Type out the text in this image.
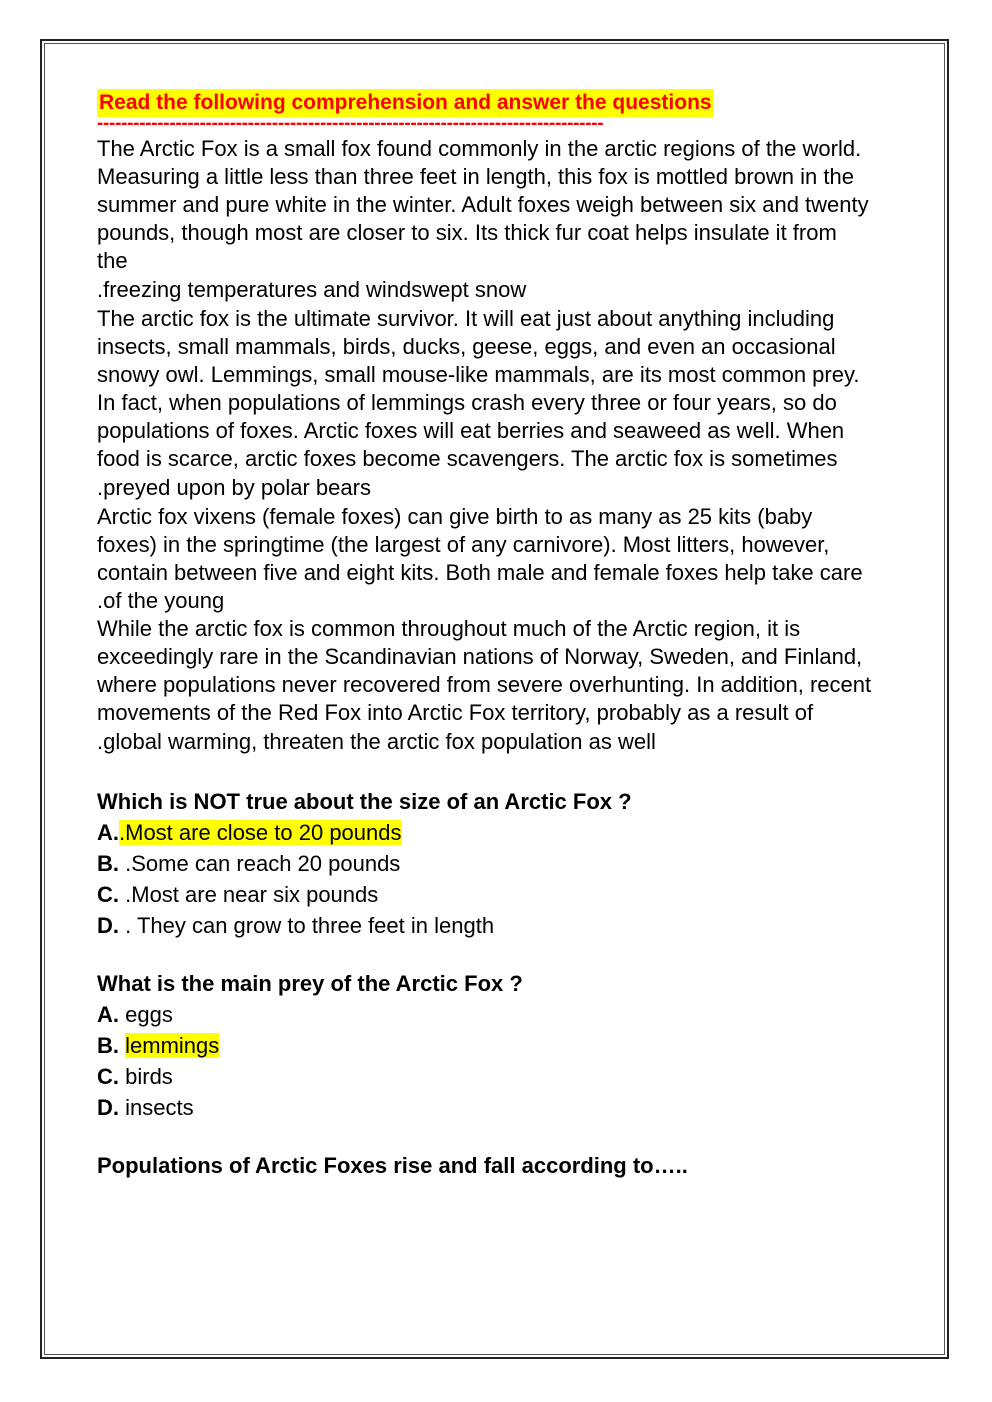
Read the following comprehension and answer the questions
------------------------------------------------------------------------------------

The Arctic Fox is a small fox found commonly in the arctic regions of the world.
Measuring a little less than three feet in length, this fox is mottled brown in the
summer and pure white in the winter. Adult foxes weigh between six and twenty
pounds, though most are closer to six. Its thick fur coat helps insulate it from
the

.freezing temperatures and windswept snow

The arctic fox is the ultimate survivor. It will eat just about anything including
insects, small mammals, birds, ducks, geese, eggs, and even an occasional
snowy owl. Lemmings, small mouse-like mammals, are its most common prey.
In fact, when populations of lemmings crash every three or four years, so do
populations of foxes. Arctic foxes will eat berries and seaweed as well. When
food is scarce, arctic foxes become scavengers. The arctic fox is sometimes

.preyed upon by polar bears

Arctic fox vixens (female foxes) can give birth to as many as 25 kits (baby
foxes) in the springtime (the largest of any carnivore). Most litters, however,
contain between five and eight kits. Both male and female foxes help take care

.of the young

While the arctic fox is common throughout much of the Arctic region, it is
exceedingly rare in the Scandinavian nations of Norway, Sweden, and Finland,
where populations never recovered from severe overhunting. In addition, recent
movements of the Red Fox into Arctic Fox territory, probably as a result of

.global warming, threaten the arctic fox population as well

Which is NOT true about the size of an Arctic Fox ?

A..Most are close to 20 pounds

B. .Some can reach 20 pounds

C. .Most are near six pounds

D. . They can grow to three feet in length

What is the main prey of the Arctic Fox ?

A. eggs

B. lemmings

C. birds

D. insects

Populations of Arctic Foxes rise and fall according to…..
